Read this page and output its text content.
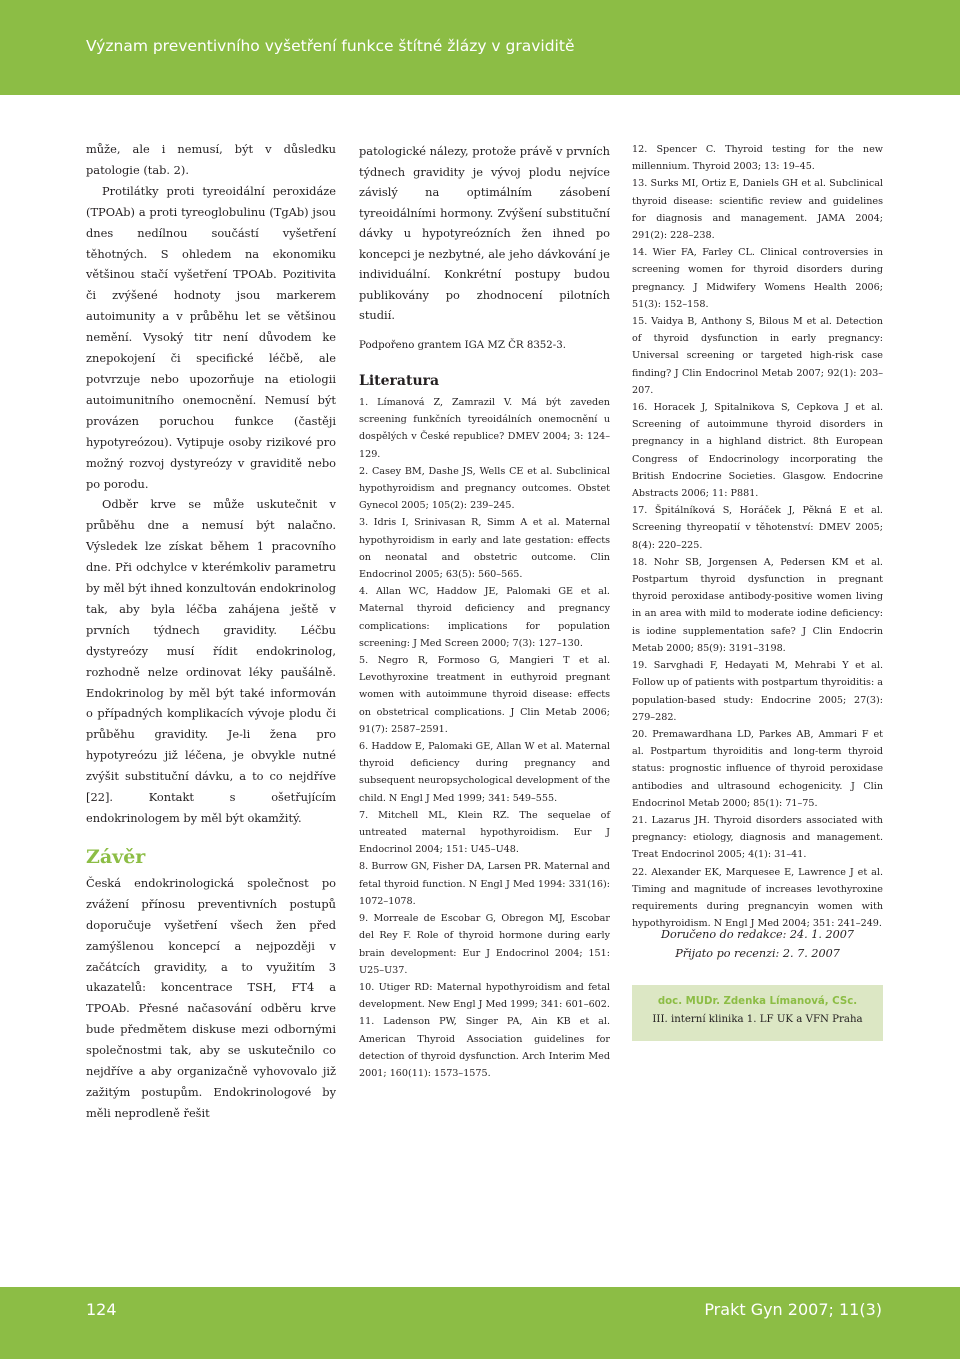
Význam preventivního vyšetření funkce štítné žlázy v graviditě

může, ale i nemusí, být v důsledku patologie (tab. 2).

Protilátky proti tyreoidální peroxidáze (TPOAb) a proti tyreoglobulinu (TgAb) jsou dnes nedílnou součástí vyšetření těhotných. S ohledem na ekonomiku většinou stačí vyšetření TPOAb. Pozitivita či zvýšené hodnoty jsou markerem autoimunity a v průběhu let se většinou nemění. Vysoký titr není důvodem ke znepokojení či specifické léčbě, ale potvrzuje nebo upozorňuje na etiologii autoimunitního onemocnění. Nemusí být provázen poruchou funkce (častěji hypotyreózou). Vytipuje osoby rizikové pro možný rozvoj dystyreózy v graviditě nebo po porodu.

Odběr krve se může uskutečnit v průběhu dne a nemusí být nalačno. Výsledek lze získat během 1 pracovního dne. Při odchylce v kterémkoliv parametru by měl být ihned konzultován endokrinolog tak, aby byla léčba zahájena ještě v prvních týdnech gravidity. Léčbu dystyreózy musí řídit endokrinolog, rozhodně nelze ordinovat léky paušálně. Endokrinolog by měl být také informován o případných komplikacích vývoje plodu či průběhu gravidity. Je-li žena pro hypotyreózu již léčena, je obvykle nutné zvýšit substituční dávku, a to co nejdříve [22]. Kontakt s ošetřujícím endokrinologem by měl být okamžitý.

Závěr

Česká endokrinologická společnost po zvážení přínosu preventivních postupů doporučuje vyšetření všech žen před zamýšlenou koncepcí a nejpozději v začátcích gravidity, a to využitím 3 ukazatelů: koncentrace TSH, FT4 a TPOAb. Přesné načasování odběru krve bude předmětem diskuse mezi odbornými společnostmi tak, aby se uskutečnilo co nejdříve a aby organizačně vyhovovalo již zažitým postupům. Endokrinologové by měli neprodleně řešit

patologické nálezy, protože právě v prvních týdnech gravidity je vývoj plodu nejvíce závislý na optimálním zásobení tyreoidálními hormony. Zvýšení substituční dávky u hypotyreózních žen ihned po koncepci je nezbytné, ale jeho dávkování je individuální. Konkrétní postupy budou publikovány po zhodnocení pilotních studií.

Podpořeno grantem IGA MZ ČR 8352-3.

Literatura
1. Límanová Z, Zamrazil V. Má být zaveden screening funkčních tyreoidálních onemocnění u dospělých v České republice? DMEV 2004; 3: 124–129.
2. Casey BM, Dashe JS, Wells CE et al. Subclinical hypothyroidism and pregnancy outcomes. Obstet Gynecol 2005; 105(2): 239–245.
3. Idris I, Srinivasan R, Simm A et al. Maternal hypothyroidism in early and late gestation: effects on neonatal and obstetric outcome. Clin Endocrinol 2005; 63(5): 560–565.
4. Allan WC, Haddow JE, Palomaki GE et al. Maternal thyroid deficiency and pregnancy complications: implications for population screening: J Med Screen 2000; 7(3): 127–130.
5. Negro R, Formoso G, Mangieri T et al. Levothyroxine treatment in euthyroid pregnant women with autoimmune thyroid disease: effects on obstetrical complications. J Clin Metab 2006; 91(7): 2587–2591.
6. Haddow E, Palomaki GE, Allan W et al. Maternal thyroid deficiency during pregnancy and subsequent neuropsychological development of the child. N Engl J Med 1999; 341: 549–555.
7. Mitchell ML, Klein RZ. The sequelae of untreated maternal hypothyroidism. Eur J Endocrinol 2004; 151: U45–U48.
8. Burrow GN, Fisher DA, Larsen PR. Maternal and fetal thyroid function. N Engl J Med 1994: 331(16): 1072–1078.
9. Morreale de Escobar G, Obregon MJ, Escobar del Rey F. Role of thyroid hormone during early brain development: Eur J Endocrinol 2004; 151: U25–U37.
10. Utiger RD: Maternal hypothyroidism and fetal development. New Engl J Med 1999; 341: 601–602.
11. Ladenson PW, Singer PA, Ain KB et al. American Thyroid Association guidelines for detection of thyroid dysfunction. Arch Interim Med 2001; 160(11): 1573–1575.
12. Spencer C. Thyroid testing for the new millennium. Thyroid 2003; 13: 19–45.
13. Surks MI, Ortiz E, Daniels GH et al. Subclinical thyroid disease: scientific review and guidelines for diagnosis and management. JAMA 2004; 291(2): 228–238.
14. Wier FA, Farley CL. Clinical controversies in screening women for thyroid disorders during pregnancy. J Midwifery Womens Health 2006; 51(3): 152–158.
15. Vaidya B, Anthony S, Bilous M et al. Detection of thyroid dysfunction in early pregnancy: Universal screening or targeted high-risk case finding? J Clin Endocrinol Metab 2007; 92(1): 203–207.
16. Horacek J, Spitalnikova S, Cepkova J et al. Screening of autoimmune thyroid disorders in pregnancy in a highland district. 8th European Congress of Endocrinology incorporating the British Endocrine Societies. Glasgow. Endocrine Abstracts 2006; 11: P881.
17. Špitálníková S, Horáček J, Pěkná E et al. Screening thyreopatií v těhotenství: DMEV 2005; 8(4): 220–225.
18. Nohr SB, Jorgensen A, Pedersen KM et al. Postpartum thyroid dysfunction in pregnant thyroid peroxidase antibody-positive women living in an area with mild to moderate iodine deficiency: is iodine supplementation safe? J Clin Endocrin Metab 2000; 85(9): 3191–3198.
19. Sarvghadi F, Hedayati M, Mehrabi Y et al. Follow up of patients with postpartum thyroiditis: a population-based study: Endocrine 2005; 27(3): 279–282.
20. Premawardhana LD, Parkes AB, Ammari F et al. Postpartum thyroiditis and long-term thyroid status: prognostic influence of thyroid peroxidase antibodies and ultrasound echogenicity. J Clin Endocrinol Metab 2000; 85(1): 71–75.
21. Lazarus JH. Thyroid disorders associated with pregnancy: etiology, diagnosis and management. Treat Endocrinol 2005; 4(1): 31–41.
22. Alexander EK, Marquesee E, Lawrence J et al. Timing and magnitude of increases levothyroxine requirements during pregnancyin women with hypothyroidism. N Engl J Med 2004; 351: 241–249.
Doručeno do redakce: 24. 1. 2007
Přijato po recenzi: 2. 7. 2007
doc. MUDr. Zdenka Límanová, CSc.
III. interní klinika 1. LF UK a VFN Praha
124	Prakt Gyn 2007; 11(3)
